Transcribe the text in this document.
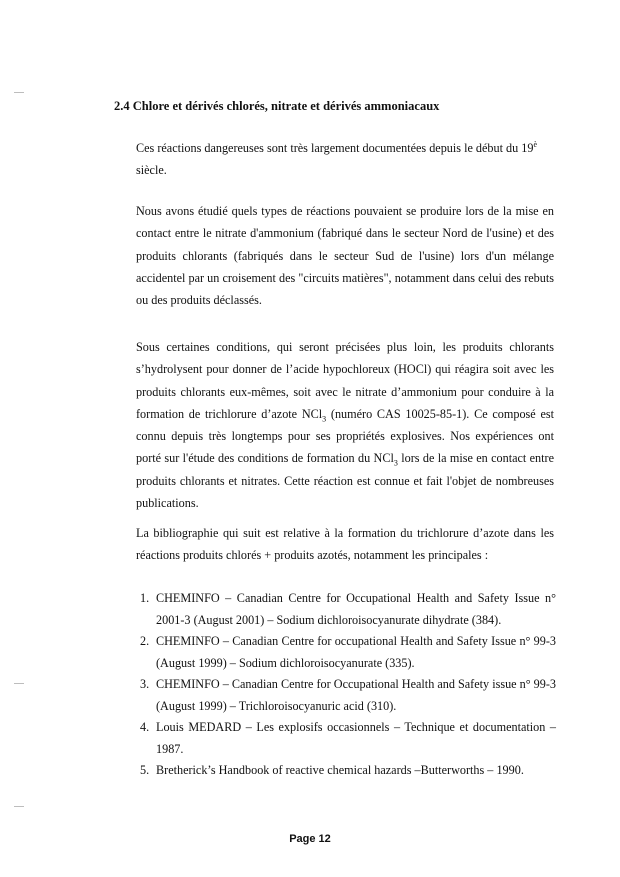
2.4 Chlore et dérivés chlorés, nitrate et dérivés ammoniacaux

Ces réactions dangereuses sont très largement documentées depuis le début du $19^è$
siècle.

Nous avons étudié quels types de réactions pouvaient se produire lors de la mise en contact entre le nitrate d'ammonium (fabriqué dans le secteur Nord de l'usine) et des produits chlorants (fabriqués dans le secteur Sud de l'usine) lors d'un mélange accidentel par un croisement des "circuits matières", notamment dans celui des rebuts ou des produits déclassés.

Sous certaines conditions, qui seront précisées plus loin, les produits chlorants s’hydrolysent pour donner de l’acide hypochloreux (HOCl) qui réagira soit avec les produits chlorants eux-mêmes, soit avec le nitrate d’ammonium pour conduire à la formation de trichlorure d’azote NCl$_3$ (numéro CAS 10025-85-1). Ce composé est connu depuis très longtemps pour ses propriétés explosives. Nos expériences ont porté sur l'étude des conditions de formation du NCl$_3$ lors de la mise en contact entre produits chlorants et nitrates. Cette réaction est connue et fait l'objet de nombreuses publications.

La bibliographie qui suit est relative à la formation du trichlorure d’azote dans les réactions produits chlorés + produits azotés, notamment les principales :

1. CHEMINFO – Canadian Centre for Occupational Health and Safety Issue n° 2001-3 (August 2001) – Sodium dichloroisocyanurate dihydrate (384).
2. CHEMINFO – Canadian Centre for occupational Health and Safety Issue n° 99-3 (August 1999) – Sodium dichloroisocyanurate (335).
3. CHEMINFO – Canadian Centre for Occupational Health and Safety issue n° 99-3 (August 1999) – Trichloroisocyanuric acid (310).
4. Louis MEDARD – Les explosifs occasionnels – Technique et documentation – 1987.
5. Bretherick’s Handbook of reactive chemical hazards –Butterworths – 1990.
Page 12
